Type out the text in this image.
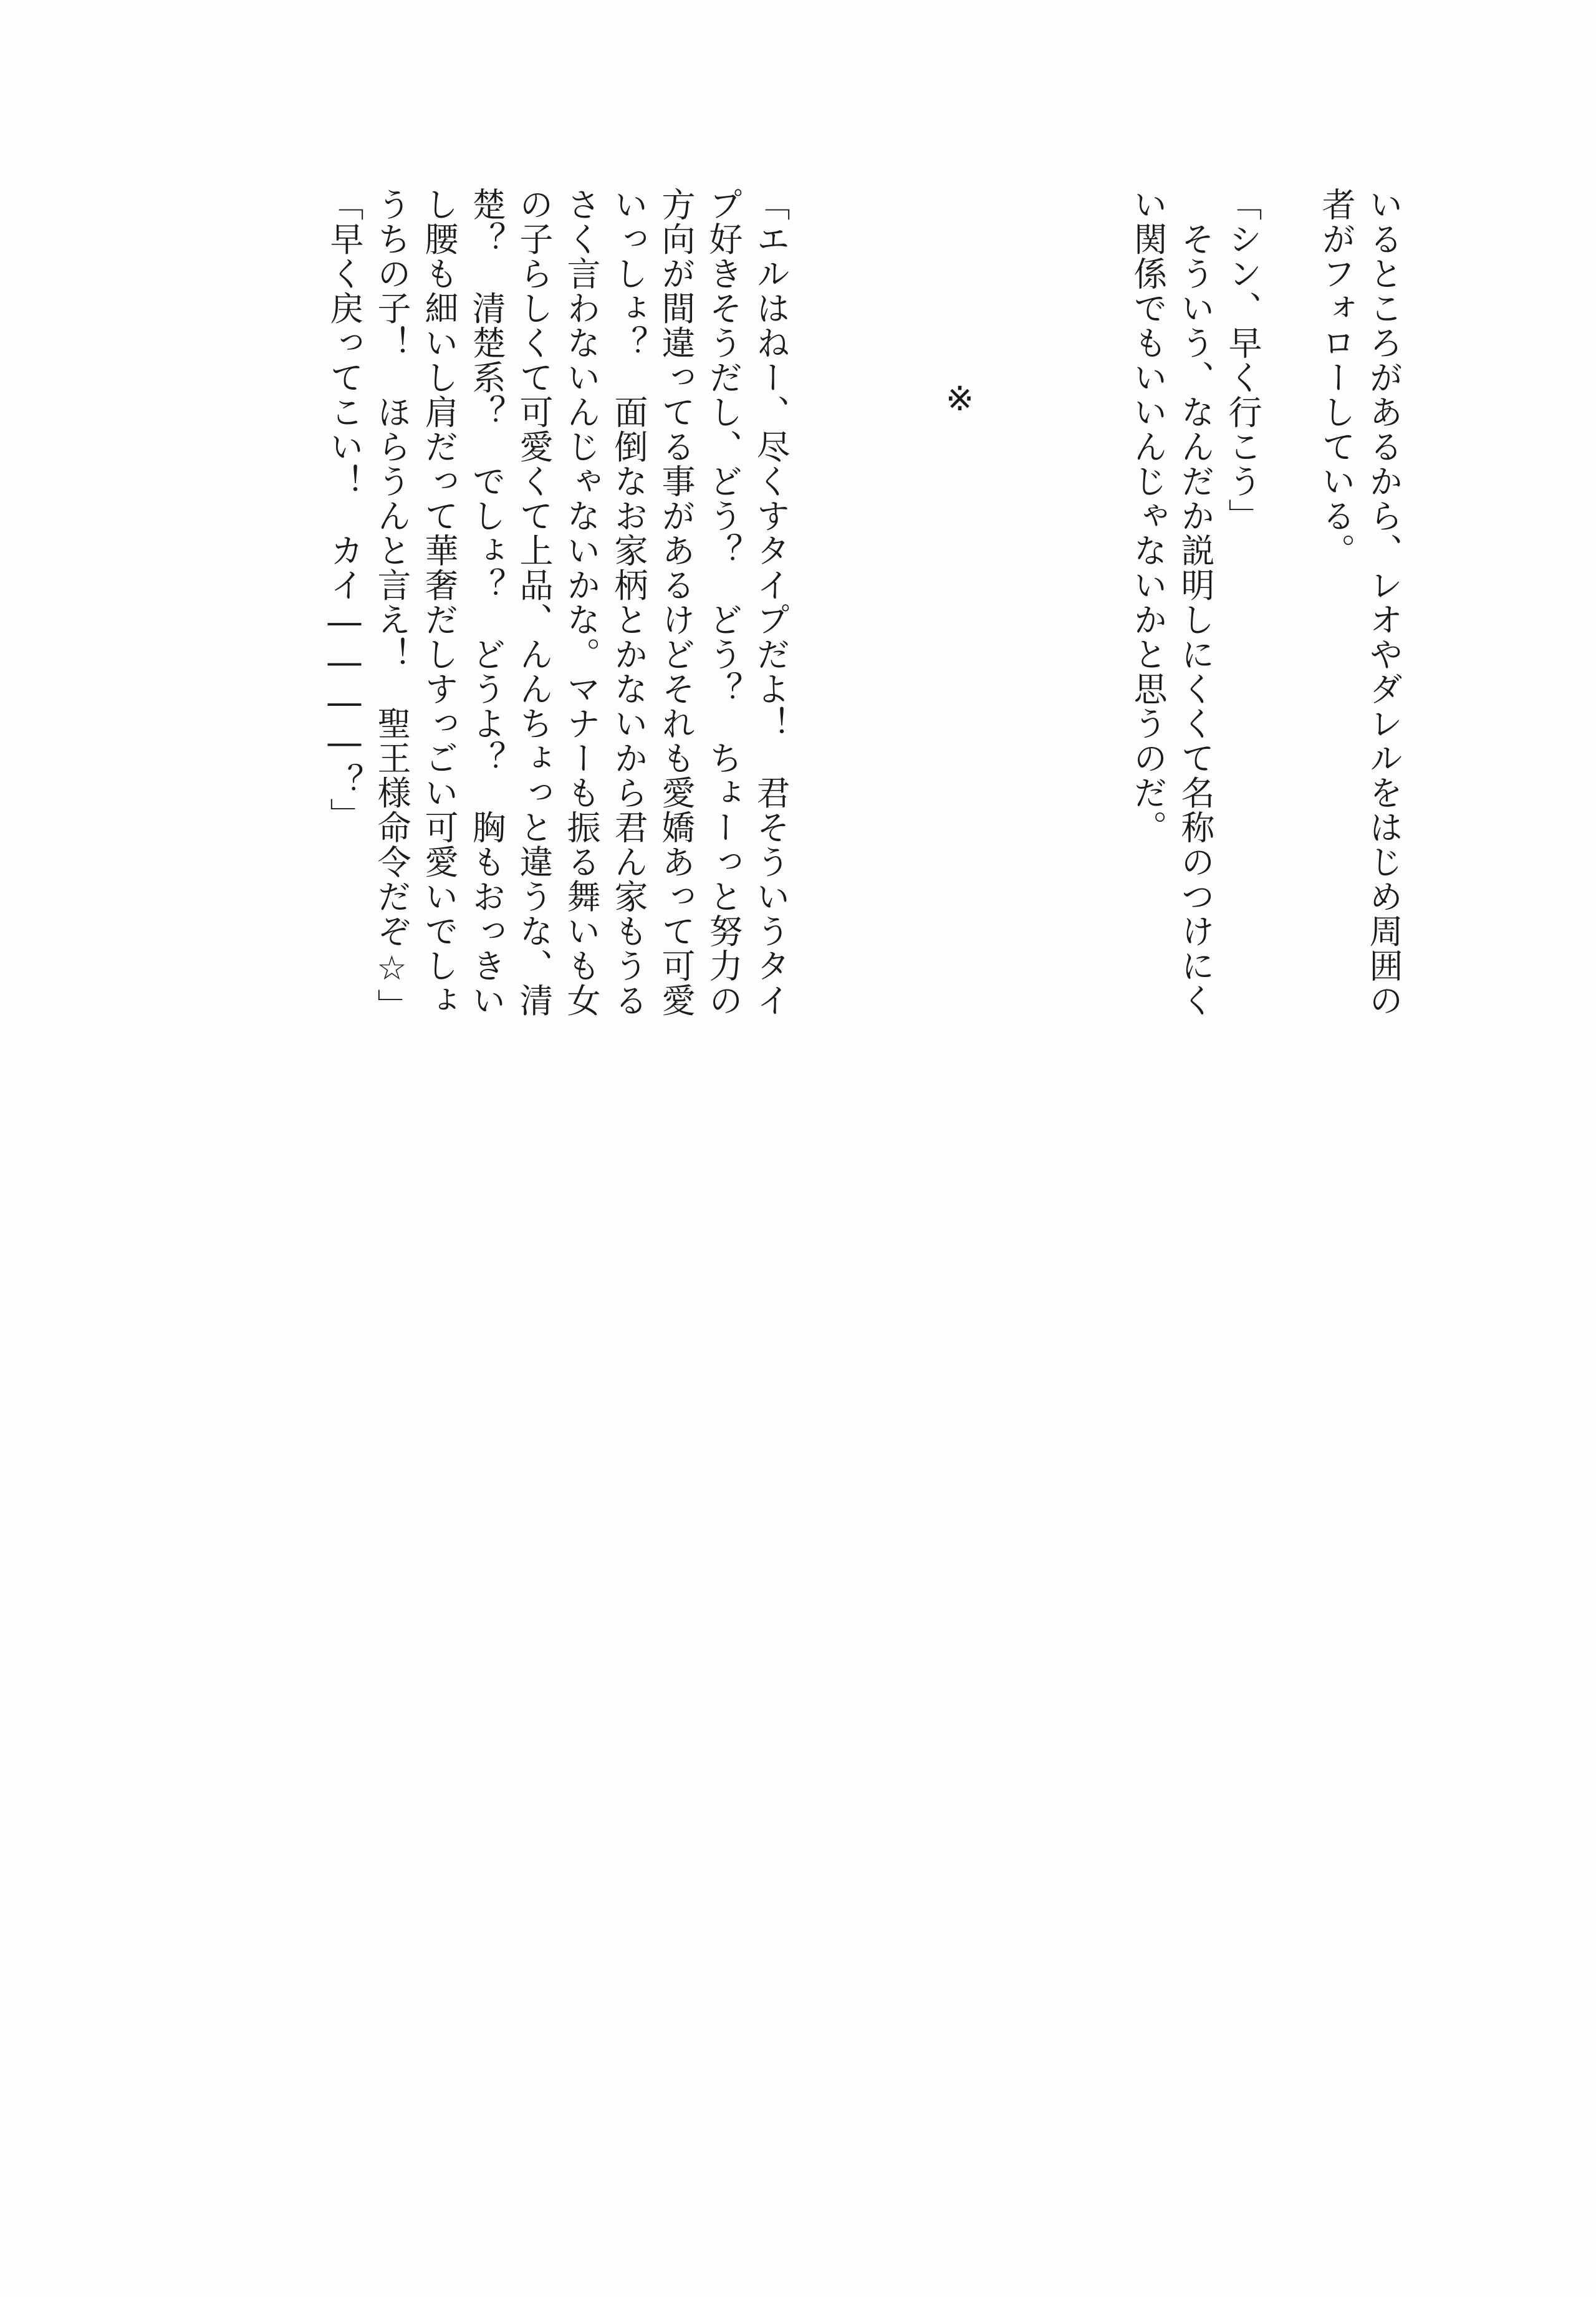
いるところがあるから、レオやダレルをはじめ周囲の
者がフォローしている。
「シン、早く行こう」
　そういう、なんだか説明しにくくて名称のつけにく
い関係でもいいんじゃないかと思うのだ。
※
「エルはねー、尽くすタイプだよ！　君そういうタイ
プ好きそうだし、どう？　どう？　ちょーっと努力の
方向が間違ってる事があるけどそれも愛嬌あって可愛
いっしょ？　面倒なお家柄とかないから君ん家もうる
さく言わないんじゃないかな。マナーも振る舞いも女
の子らしくて可愛くて上品、んんちょっと違うな、清
楚？　清楚系？　でしょ？　どうよ？　胸もおっきい
し腰も細いし肩だって華奢だしすっごい可愛いでしょ
うちの子！　ほらうんと言え！　聖王様命令だぞ☆」
「早く戻ってこい！　カイ――――？」
